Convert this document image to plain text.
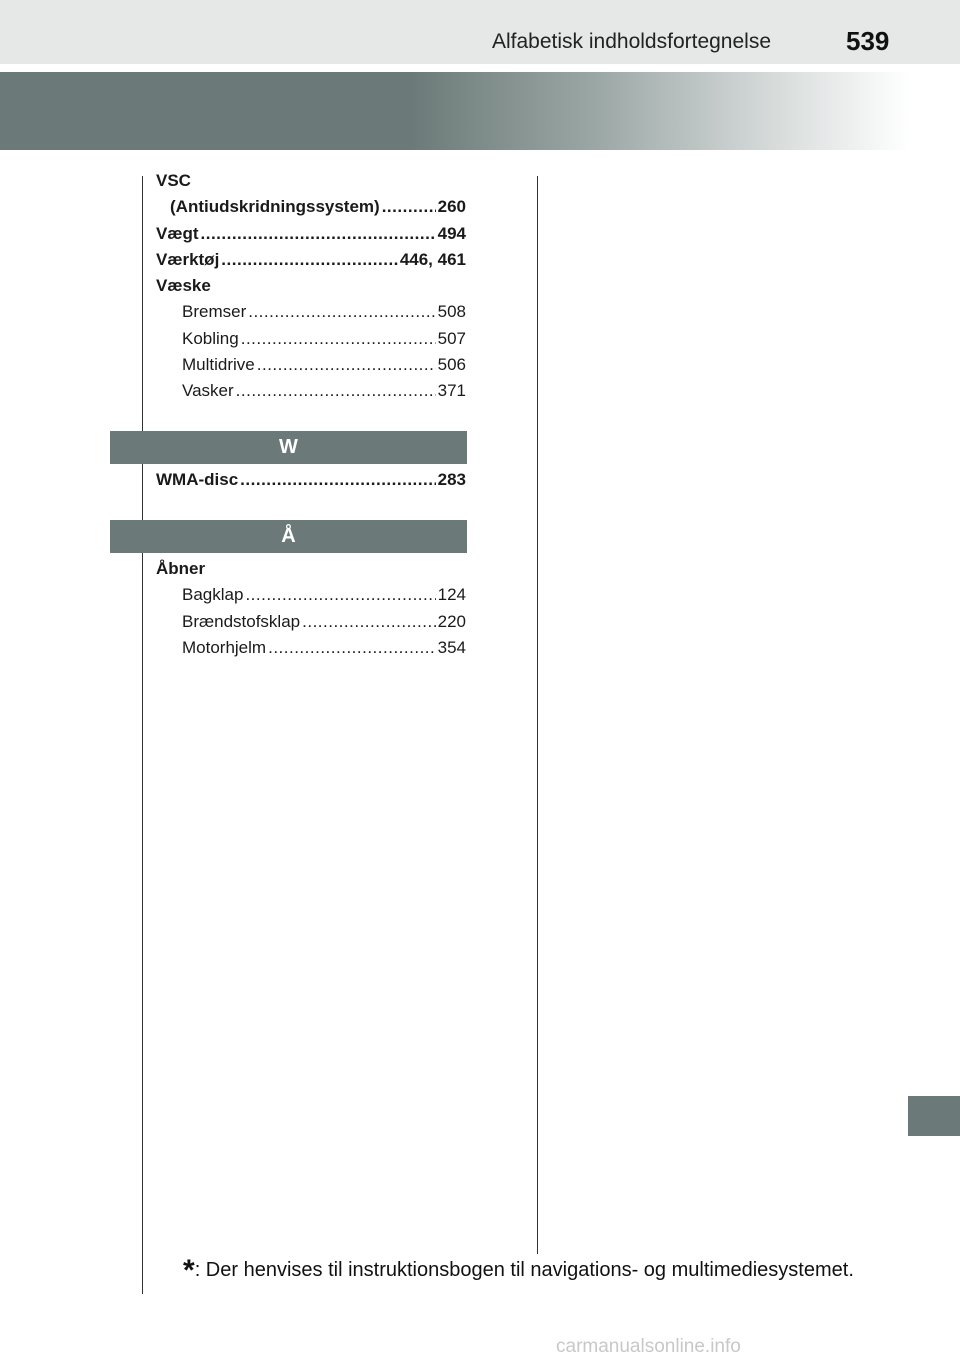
Alfabetisk indholdsfortegnelse	539
VSC
(Antiudskridningssystem) .....	260
Vægt .....	494
Værktøj .....	446, 461
Væske
Bremser .....	508
Kobling .....	507
Multidrive .....	506
Vasker .....	371
W
WMA-disc .....	283
Å
Åbner
Bagklap .....	124
Brændstofsklap .....	220
Motorhjelm .....	354
*: Der henvises til instruktionsbogen til navigations- og multimediesystemet.
carmanualsonline.info
